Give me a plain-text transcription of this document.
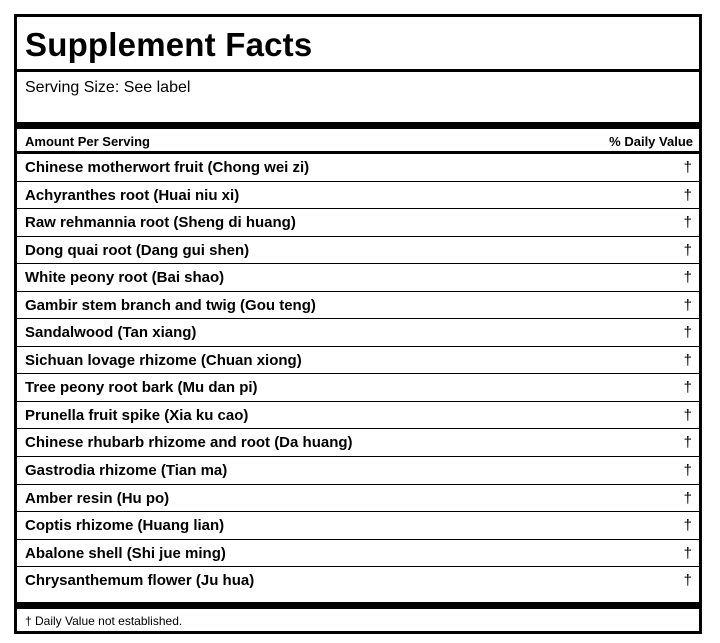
Supplement Facts
Serving Size: See label
Amount Per Serving	% Daily Value
Chinese motherwort fruit (Chong wei zi)	†
Achyranthes root (Huai niu xi)	†
Raw rehmannia root (Sheng di huang)	†
Dong quai root (Dang gui shen)	†
White peony root (Bai shao)	†
Gambir stem branch and twig (Gou teng)	†
Sandalwood (Tan xiang)	†
Sichuan lovage rhizome (Chuan xiong)	†
Tree peony root bark (Mu dan pi)	†
Prunella fruit spike (Xia ku cao)	†
Chinese rhubarb rhizome and root (Da huang)	†
Gastrodia rhizome (Tian ma)	†
Amber resin (Hu po)	†
Coptis rhizome (Huang lian)	†
Abalone shell (Shi jue ming)	†
Chrysanthemum flower (Ju hua)	†
† Daily Value not established.
